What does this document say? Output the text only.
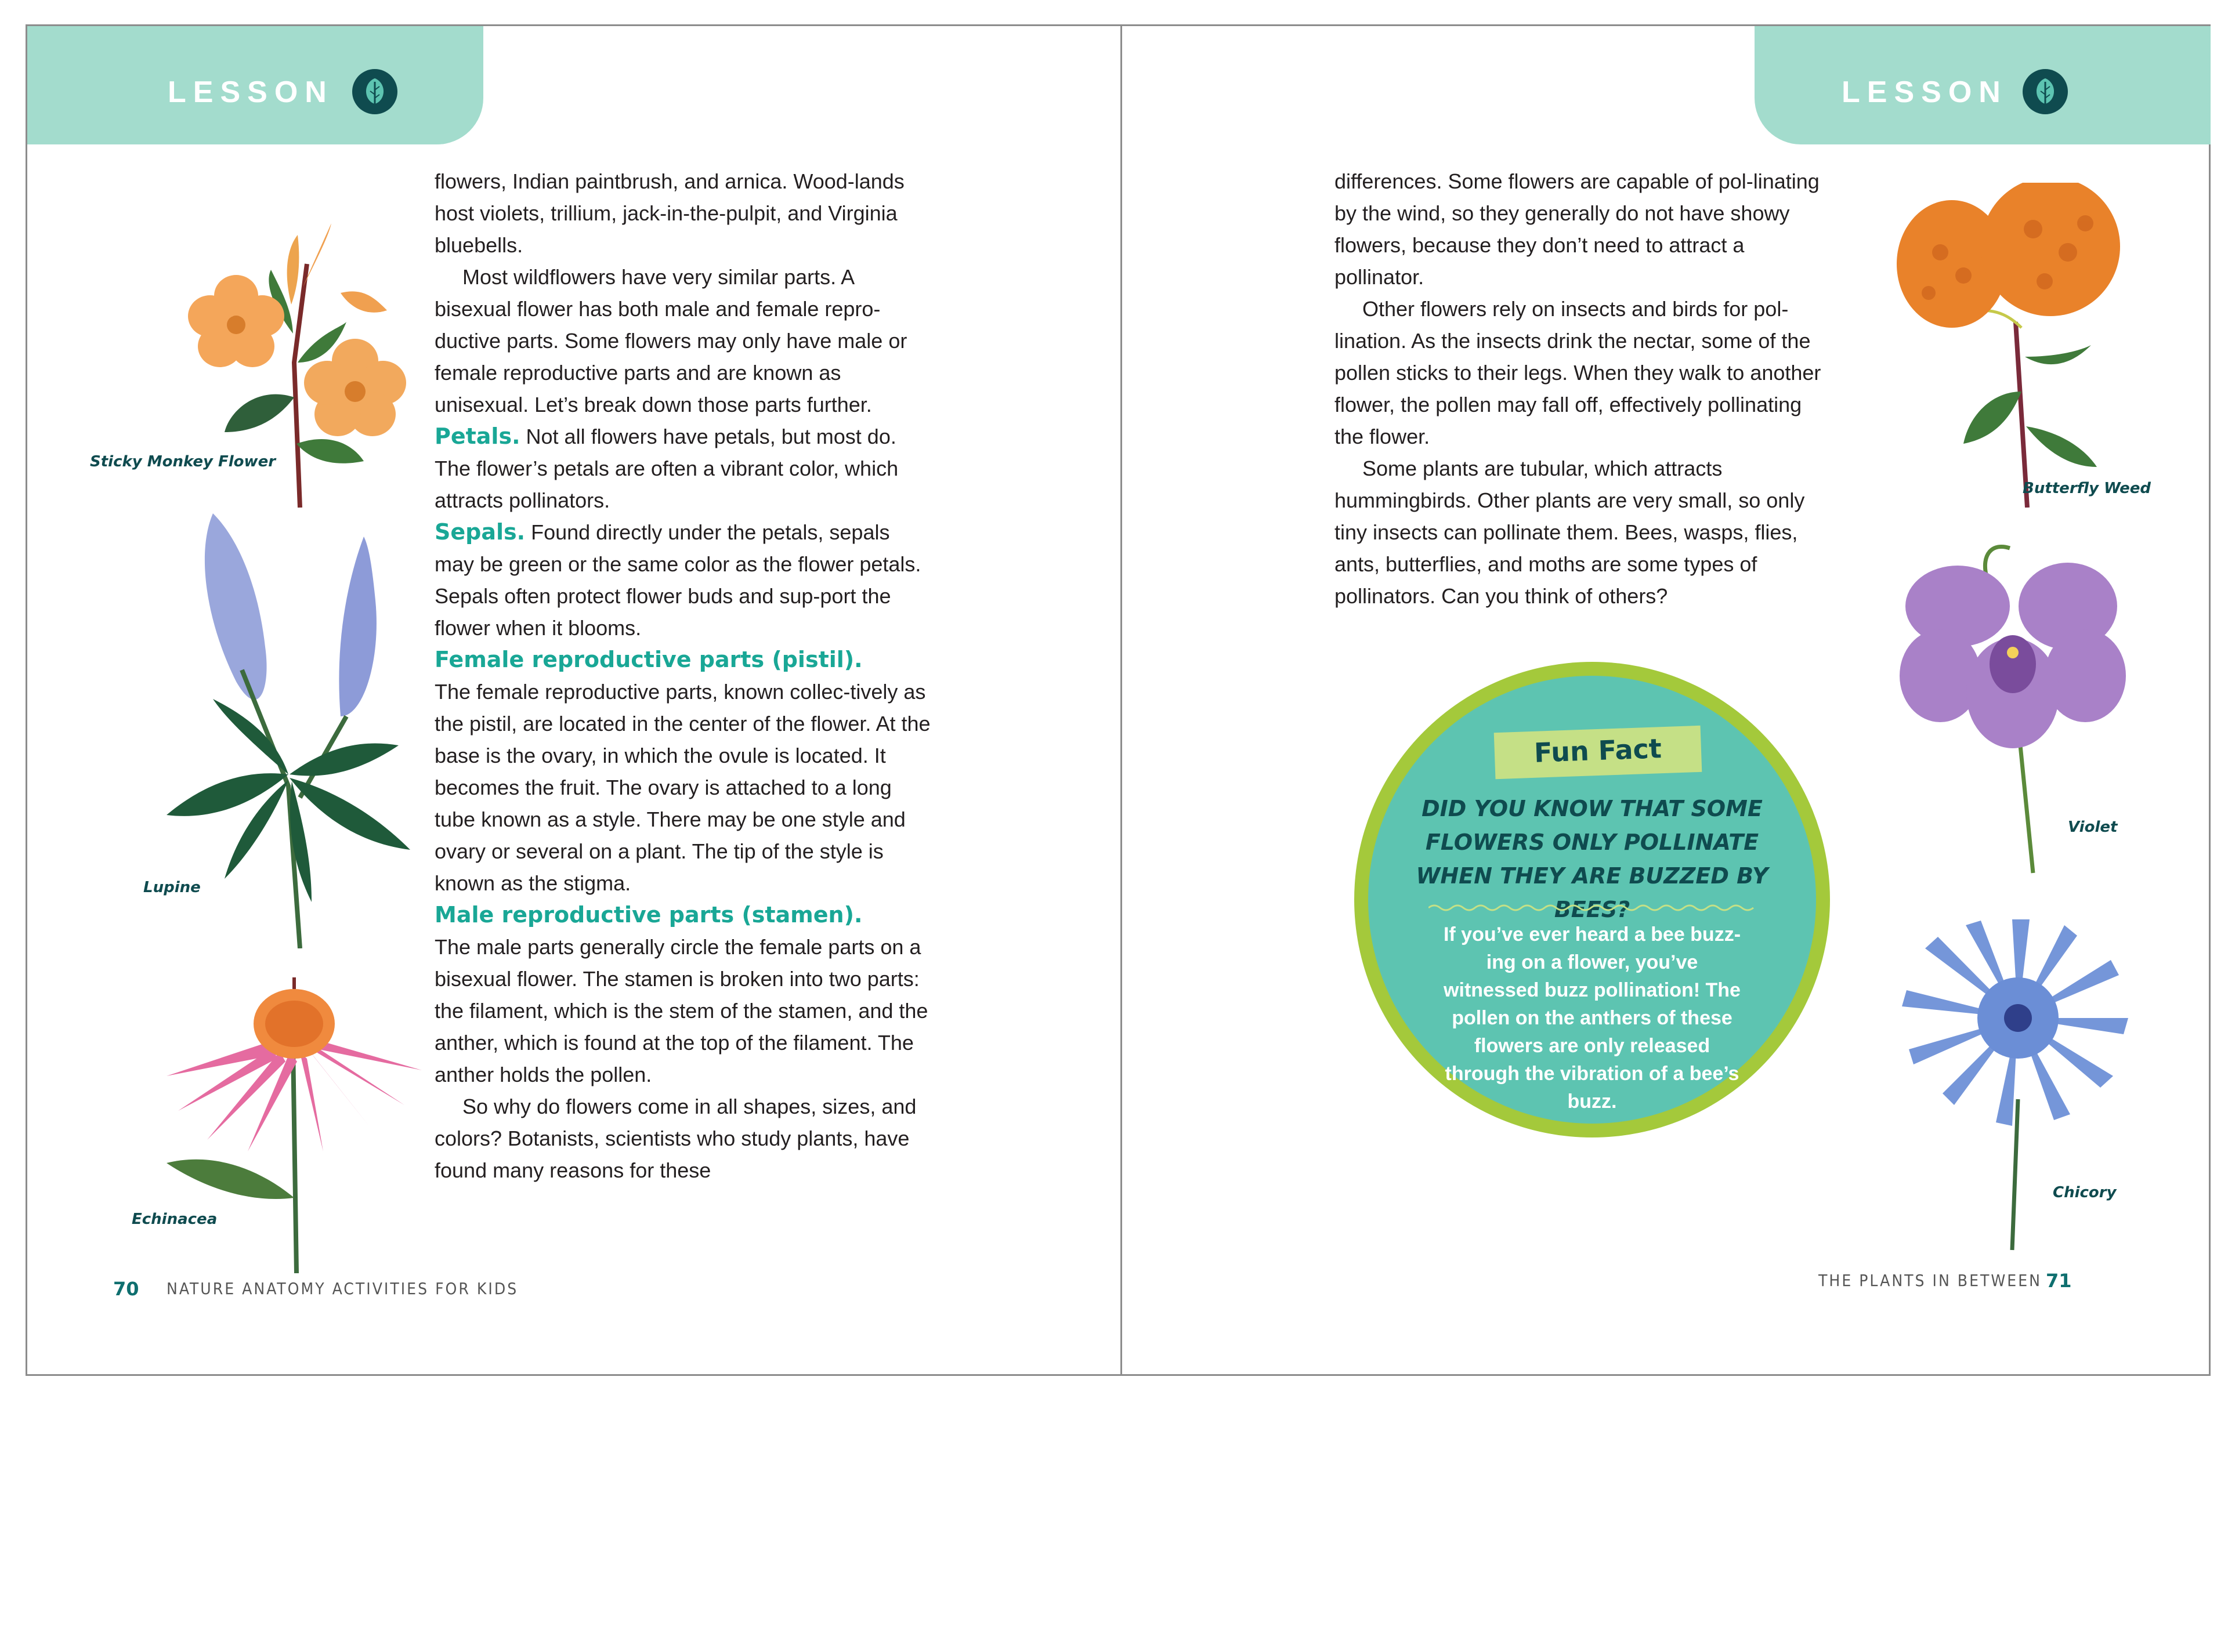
LESSON
Sticky Monkey Flower
Lupine
Echinacea

flowers, Indian paintbrush, and arnica. Wood-lands host violets, trillium, jack-in-the-pulpit, and Virginia bluebells.

Most wildflowers have very similar parts. A bisexual flower has both male and female repro-ductive parts. Some flowers may only have male or female reproductive parts and are known as unisexual. Let’s break down those parts further.

Petals. Not all flowers have petals, but most do. The flower’s petals are often a vibrant color, which attracts pollinators.

Sepals. Found directly under the petals, sepals may be green or the same color as the flower petals. Sepals often protect flower buds and sup-port the flower when it blooms.

Female reproductive parts (pistil).

The female reproductive parts, known collec-tively as the pistil, are located in the center of the flower. At the base is the ovary, in which the ovule is located. It becomes the fruit. The ovary is attached to a long tube known as a style. There may be one style and ovary or several on a plant. The tip of the style is known as the stigma.

Male reproductive parts (stamen).

The male parts generally circle the female parts on a bisexual flower. The stamen is broken into two parts: the filament, which is the stem of the stamen, and the anther, which is found at the top of the filament. The anther holds the pollen.

So why do flowers come in all shapes, sizes, and colors? Botanists, scientists who study plants, have found many reasons for these

70 NATURE ANATOMY ACTIVITIES FOR KIDS
LESSON

differences. Some flowers are capable of pol-linating by the wind, so they generally do not have showy flowers, because they don’t need to attract a pollinator.

Other flowers rely on insects and birds for pol-lination. As the insects drink the nectar, some of the pollen sticks to their legs. When they walk to another flower, the pollen may fall off, effectively pollinating the flower.

Some plants are tubular, which attracts hummingbirds. Other plants are very small, so only tiny insects can pollinate them. Bees, wasps, flies, ants, butterflies, and moths are some types of pollinators. Can you think of others?

Fun Fact
DID YOU KNOW THAT SOME FLOWERS ONLY POLLINATE WHEN THEY ARE BUZZED BY BEES?
If you’ve ever heard a bee buzz-ing on a flower, you’ve witnessed buzz pollination! The pollen on the anthers of these flowers are only released through the vibration of a bee’s buzz.
Butterfly Weed
Violet
Chicory
THE PLANTS IN BETWEEN 71
